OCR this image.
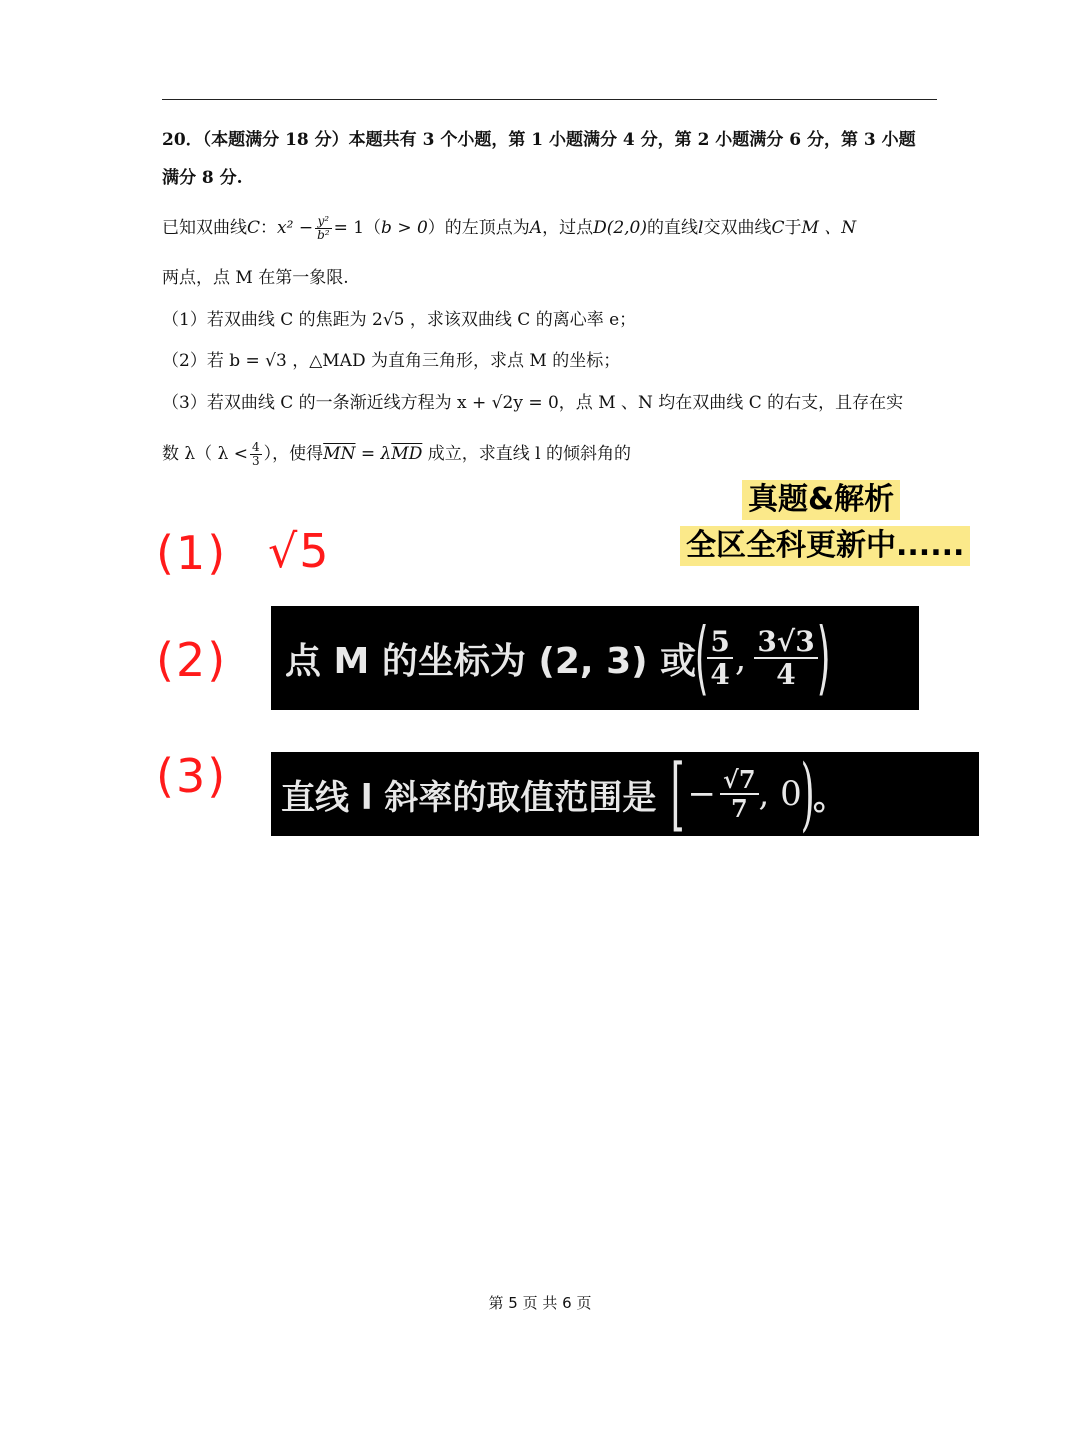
20．（本题满分 18 分）本题共有 3 个小题，第 1 小题满分 4 分，第 2 小题满分 6 分，第 3 小题
满分 8 分.
已知双曲线C：$x^2 - \frac{\text{y²}}{\text{b²}} = 1(b > 0)$的左顶点为A，过点D(2,0)的直线l交双曲线C于M 、N
两点，点 M 在第一象限.
（1）若双曲线 C 的焦距为 2√5 ，求该双曲线 C 的离心率 e；
（2）若 b = √3 ，△MAD 为直角三角形，求点 M 的坐标；
（3）若双曲线 C 的一条渐近线方程为 x + √2y = 0，点 M 、N 均在双曲线 C 的右支，且存在实
数 λ（ $\lambda < \frac{4}{3}$ ），使得$\overline{MN} = \lambda\overline{MD}$ 成立，求直线 l 的倾斜角的
真题&解析
全区全科更新中......
(1) √5
(2) 点 M 的坐标为 (2, 3) 或
(
$\frac{5}{4}$ , $\frac{3√3}{4}$
)
(3) 直线 l 斜率的取值范围是 [ − $\frac{√7}{7}$ , 0
)
。
第 5 页 共 6 页
